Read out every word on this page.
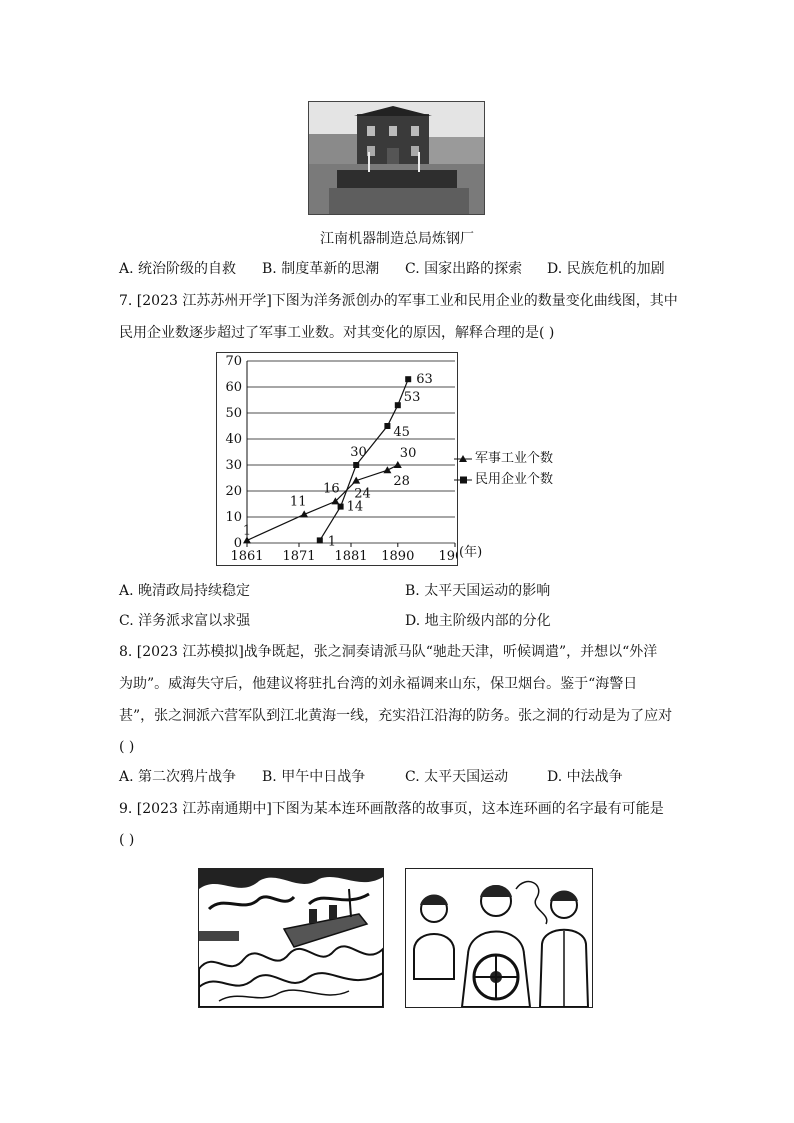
江南机器制造总局炼钢厂
A. 统治阶级的自救 B. 制度革新的思潮 C. 国家出路的探索 D. 民族危机的加剧
7. [2023 江苏苏州开学]下图为洋务派创办的军事工业和民用企业的数量变化曲线图，其中
民用企业数逐步超过了军事工业数。对其变化的原因，解释合理的是( )
0
10
20
30
40
50
60
70
1861 1871 1881 1890 19
1
11
16 24
28
30
1
14
30
45
53
63
军事工业个数
民用企业个数
A. 晚清政局持续稳定	B. 太平天国运动的影响
C. 洋务派求富以求强	D. 地主阶级内部的分化
8. [2023 江苏模拟]战争既起，张之洞奏请派马队“驰赴天津，听候调遣”，并想以“外洋
为助”。威海失守后，他建议将驻扎台湾的刘永福调来山东，保卫烟台。鉴于“海警日
甚”，张之洞派六营军队到江北黄海一线，充实沿江沿海的防务。张之洞的行动是为了应对
( )
A. 第二次鸦片战争 B. 甲午中日战争	C. 太平天国运动	D. 中法战争
9. [2023 江苏南通期中]下图为某本连环画散落的故事页，这本连环画的名字最有可能是
( )
(年)
